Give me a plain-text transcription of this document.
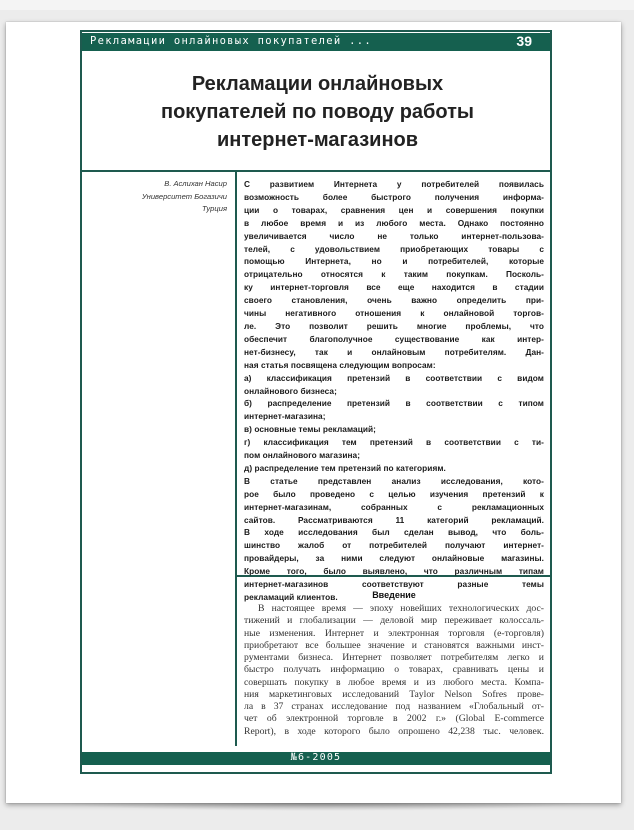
Рекламации онлайновых покупателей ...	39
Рекламации онлайновых
покупателей по поводу работы
интернет-магазинов
В. Аслихан Насир
Университет Богазичи
Турция
С развитием Интернета у потребителей появилась
возможность более быстрого получения информа-
ции о товарах, сравнения цен и совершения покупки
в любое время и из любого места. Однако постоянно
увеличивается число не только интернет-пользова-
телей, с удовольствием приобретающих товары с
помощью Интернета, но и потребителей, которые
отрицательно относятся к таким покупкам. Посколь-
ку интернет-торговля все еще находится в стадии
своего становления, очень важно определить при-
чины негативного отношения к онлайновой торгов-
ле. Это позволит решить многие проблемы, что
обеспечит благополучное существование как интер-
нет-бизнесу, так и онлайновым потребителям. Дан-
ная статья посвящена следующим вопросам:
а) классификация претензий в соответствии с видом
онлайнового бизнеса;
б) распределение претензий в соответствии с типом
интернет-магазина;
в) основные темы рекламаций;
г) классификация тем претензий в соответствии с ти-
пом онлайнового магазина;
д) распределение тем претензий по категориям.
В статье представлен анализ исследования, кото-
рое было проведено с целью изучения претензий к
интернет-магазинам, собранных с рекламационных
сайтов. Рассматриваются 11 категорий рекламаций.
В ходе исследования был сделан вывод, что боль-
шинство жалоб от потребителей получают интернет-
провайдеры, за ними следуют онлайновые магазины.
Кроме того, было выявлено, что различным типам
интернет-магазинов соответствуют разные темы
рекламаций клиентов.	Введение
В настоящее время — эпоху новейших технологических дос-
тижений и глобализации — деловой мир переживает колоссаль-
ные изменения. Интернет и электронная торговля (е-торговля)
приобретают все большее значение и становятся важными инст-
рументами бизнеса. Интернет позволяет потребителям легко и
быстро получать информацию о товарах, сравнивать цены и
совершать покупку в любое время и из любого места. Компа-
ния маркетинговых исследований Taylor Nelson Sofres прове-
ла в 37 странах исследование под названием «Глобальный от-
чет об электронной торговле в 2002 г.» (Global E-commerce
Report), в ходе которого было опрошено 42,238 тыс. человек.
№6-2005
